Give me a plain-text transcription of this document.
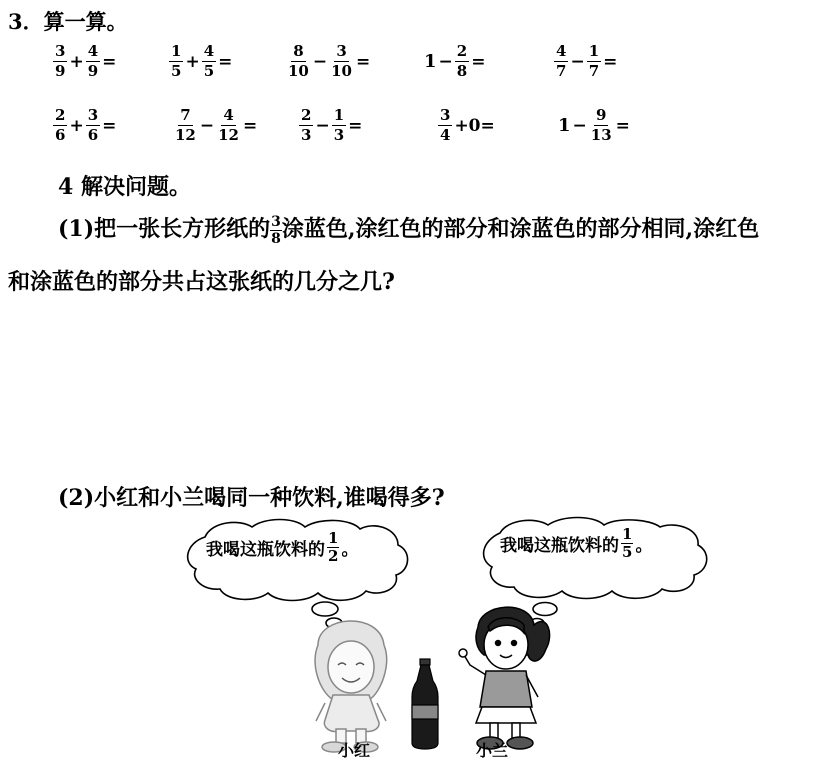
3．算一算。
$\frac{3}{9} + \frac{4}{9}$ =	$\frac{1}{5} + \frac{4}{5}$ =	$\frac{8}{10} - \frac{3}{10}$ =	$1 - \frac{2}{8}$ =	$\frac{4}{7} - \frac{1}{7}$ =
$\frac{2}{6} + \frac{3}{6}$ =	$\frac{7}{12} - \frac{4}{12}$ =	$\frac{2}{3} - \frac{1}{3}$ =	$\frac{3}{4} +0=$	$1 - \frac{9}{13}$ =
4 解决问题。
(1)把一张长方形纸的 $\frac{3}{8}$ 涂蓝色,涂红色的部分和涂蓝色的部分相同,涂红色
和涂蓝色的部分共占这张纸的几分之几?
(2)小红和小兰喝同一种饮料,谁喝得多?
我喝这瓶饮料的 $\frac{1}{2}$ 。	我喝这瓶饮料的 $\frac{1}{5}$ 。
小红	小兰
